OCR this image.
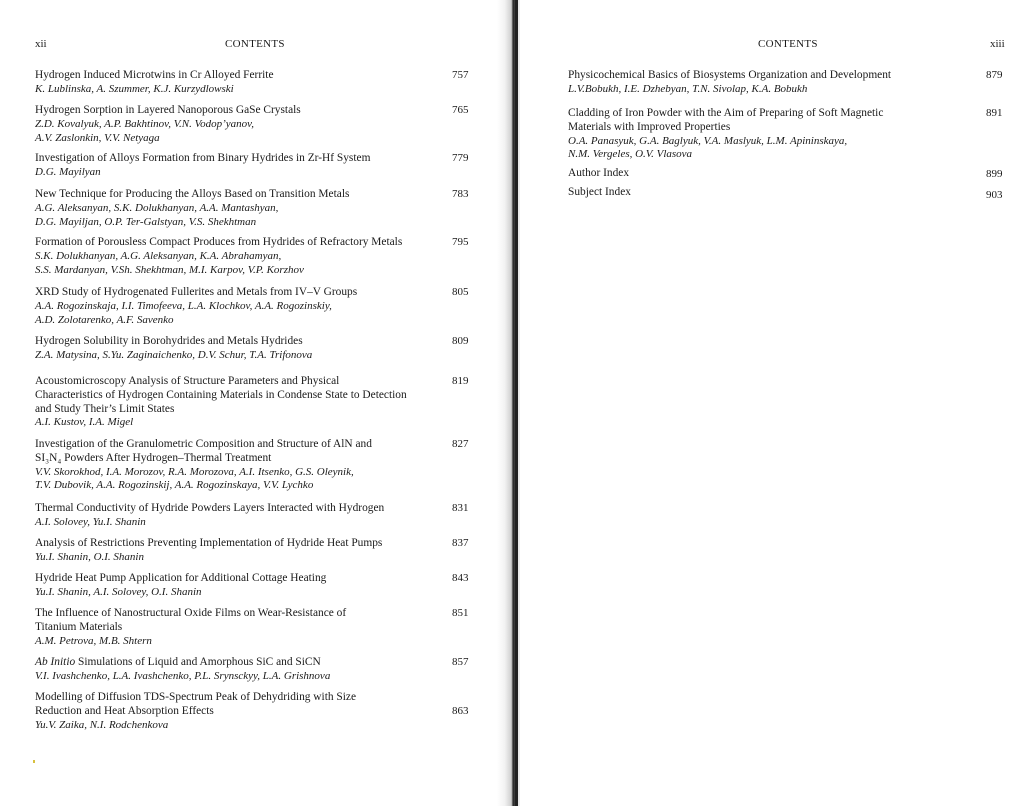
xii	CONTENTS
Hydrogen Induced Microtwins in Cr Alloyed Ferrite
K. Lublinska, A. Szummer, K.J. Kurzydlowski
757
Hydrogen Sorption in Layered Nanoporous GaSe Crystals
Z.D. Kovalyuk, A.P. Bakhtinov, V.N. Vodop’yanov,
A.V. Zaslonkin, V.V. Netyaga
765
Investigation of Alloys Formation from Binary Hydrides in Zr-Hf System
D.G. Mayilyan
779
New Technique for Producing the Alloys Based on Transition Metals
A.G. Aleksanyan, S.K. Dolukhanyan, A.A. Mantashyan,
D.G. Mayiljan, O.P. Ter-Galstyan, V.S. Shekhtman
783
Formation of Porousless Compact Produces from Hydrides of Refractory Metals
S.K. Dolukhanyan, A.G. Aleksanyan, K.A. Abrahamyan,
S.S. Mardanyan, V.Sh. Shekhtman, M.I. Karpov, V.P. Korzhov
795
XRD Study of Hydrogenated Fullerites and Metals from IV–V Groups
A.A. Rogozinskaja, I.I. Timofeeva, L.A. Klochkov, A.A. Rogozinskiy,
A.D. Zolotarenko, A.F. Savenko
805
Hydrogen Solubility in Borohydrides and Metals Hydrides
Z.A. Matysina, S.Yu. Zaginaichenko, D.V. Schur, T.A. Trifonova
809
Acoustomicroscopy Analysis of Structure Parameters and Physical
Characteristics of Hydrogen Containing Materials in Condense State to Detection
and Study Their’s Limit States
A.I. Kustov, I.A. Migel
819
Investigation of the Granulometric Composition and Structure of AlN and
SI₃N₄ Powders After Hydrogen–Thermal Treatment
V.V. Skorokhod, I.A. Morozov, R.A. Morozova, A.I. Itsenko, G.S. Oleynik,
T.V. Dubovik, A.A. Rogozinskij, A.A. Rogozinskaya, V.V. Lychko
827
Thermal Conductivity of Hydride Powders Layers Interacted with Hydrogen
A.I. Solovey, Yu.I. Shanin
831
Analysis of Restrictions Preventing Implementation of Hydride Heat Pumps
Yu.I. Shanin, O.I. Shanin
837
Hydride Heat Pump Application for Additional Cottage Heating
Yu.I. Shanin, A.I. Solovey, O.I. Shanin
843
The Influence of Nanostructural Oxide Films on Wear-Resistance of
Titanium Materials
A.M. Petrova, M.B. Shtern
851
Ab Initio Simulations of Liquid and Amorphous SiC and SiCN
V.I. Ivashchenko, L.A. Ivashchenko, P.L. Srynsckyy, L.A. Grishnova
857
Modelling of Diffusion TDS-Spectrum Peak of Dehydriding with Size
Reduction and Heat Absorption Effects
Yu.V. Zaika, N.I. Rodchenkova
863
CONTENTS	xiii
Physicochemical Basics of Biosystems Organization and Development
L.V.Bobukh, I.E. Dzhebyan, T.N. Sivolap, K.A. Bobukh
879
Cladding of Iron Powder with the Aim of Preparing of Soft Magnetic
Materials with Improved Properties
O.A. Panasyuk, G.A. Baglyuk, V.A. Maslyuk, L.M. Apininskaya,
N.M. Vergeles, O.V. Vlasova
891
Author Index	899
Subject Index	903
